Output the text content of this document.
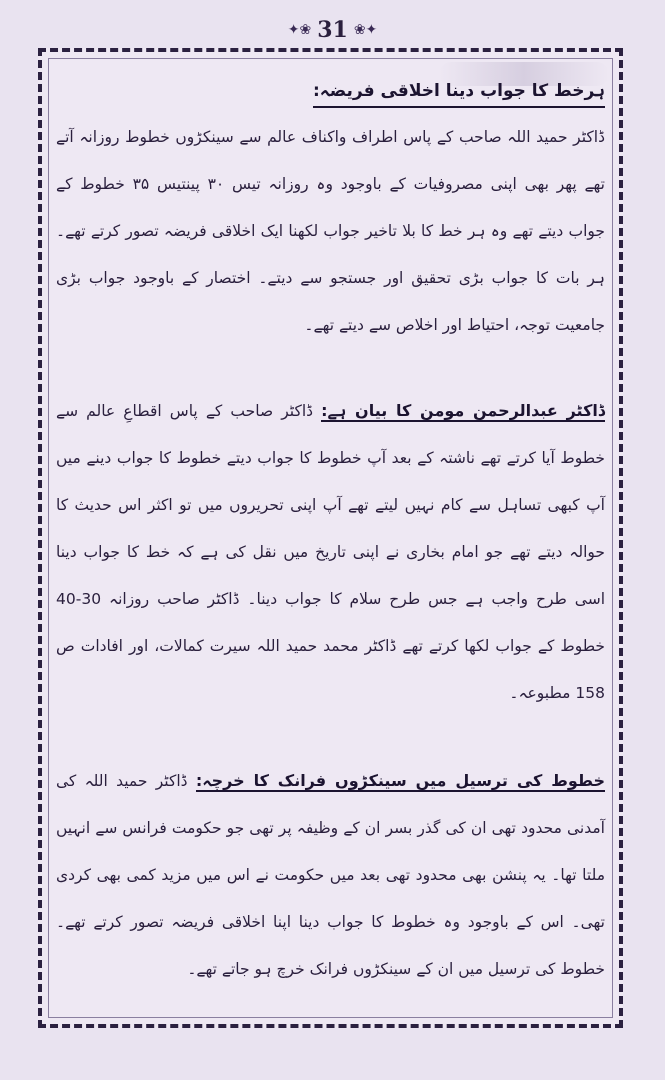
✦❀ 31 ❀✦
ہرخط کا جواب دینا اخلاقی فریضہ:

ڈاکٹر حمید اللہ صاحب کے پاس اطراف واکناف عالم سے سینکڑوں خطوط روزانہ آتے تھے پھر بھی اپنی مصروفیات کے باوجود وہ روزانہ تیس ۳۰ پینتیس ۳۵ خطوط کے جواب دیتے تھے وہ ہر خط کا بلا تاخیر جواب لکھنا ایک اخلاقی فریضہ تصور کرتے تھے۔ ہر بات کا جواب بڑی تحقیق اور جستجو سے دیتے۔ اختصار کے باوجود جواب بڑی جامعیت توجہ، احتیاط اور اخلاص سے دیتے تھے۔

ڈاکٹر عبدالرحمن مومن کا بیان ہے: ڈاکٹر صاحب کے پاس اقطاعِ عالم سے خطوط آیا کرتے تھے ناشتہ کے بعد آپ خطوط کا جواب دیتے خطوط کا جواب دینے میں آپ کبھی تساہل سے کام نہیں لیتے تھے آپ اپنی تحریروں میں تو اکثر اس حدیث کا حوالہ دیتے تھے جو امام بخاری نے اپنی تاریخ میں نقل کی ہے کہ خط کا جواب دینا اسی طرح واجب ہے جس طرح سلام کا جواب دینا۔ ڈاکٹر صاحب روزانہ 30-40 خطوط کے جواب لکھا کرتے تھے ڈاکٹر محمد حمید اللہ سیرت کمالات، اور افادات ص 158 مطبوعہ۔

خطوط کی ترسیل میں سینکڑوں فرانک کا خرچہ: ڈاکٹر حمید اللہ کی آمدنی محدود تھی ان کی گذر بسر ان کے وظیفہ پر تھی جو حکومت فرانس سے انہیں ملتا تھا۔ یہ پنشن بھی محدود تھی بعد میں حکومت نے اس میں مزید کمی بھی کردی تھی۔ اس کے باوجود وہ خطوط کا جواب دینا اپنا اخلاقی فریضہ تصور کرتے تھے۔ خطوط کی ترسیل میں ان کے سینکڑوں فرانک خرچ ہو جاتے تھے۔
